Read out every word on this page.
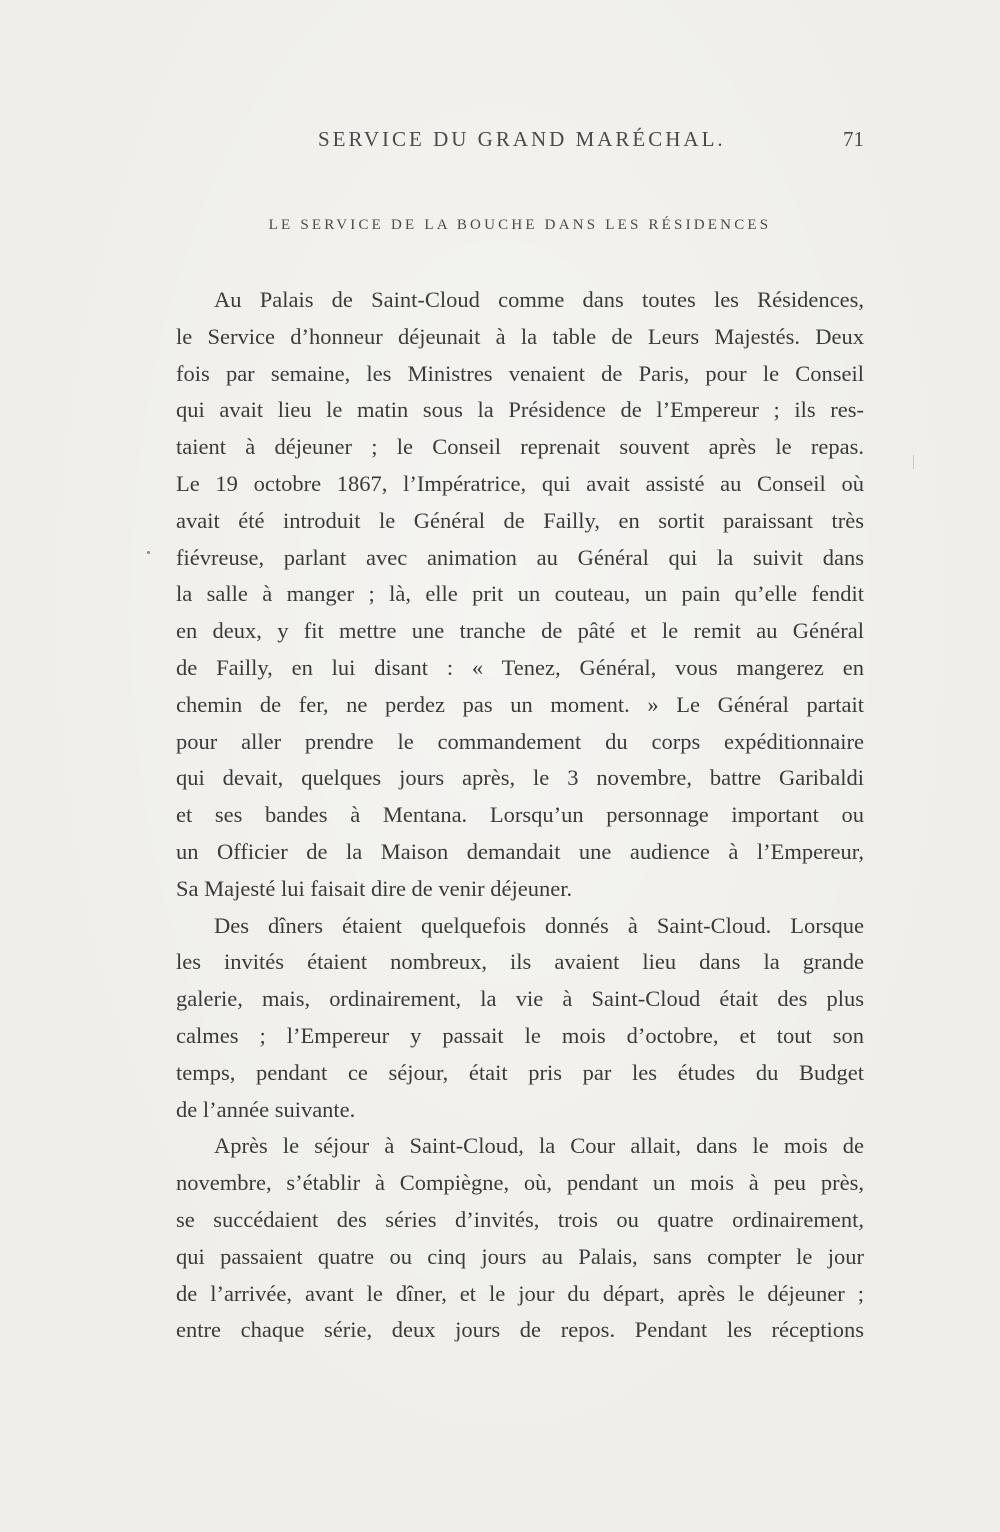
SERVICE DU GRAND MARÉCHAL.	71
LE SERVICE DE LA BOUCHE DANS LES RÉSIDENCES
Au Palais de Saint-Cloud comme dans toutes les Résidences,
le Service d’honneur déjeunait à la table de Leurs Majestés. Deux
fois par semaine, les Ministres venaient de Paris, pour le Conseil
qui avait lieu le matin sous la Présidence de l’Empereur ; ils res-
taient à déjeuner ; le Conseil reprenait souvent après le repas.
Le 19 octobre 1867, l’Impératrice, qui avait assisté au Conseil où
avait été introduit le Général de Failly, en sortit paraissant très
fiévreuse, parlant avec animation au Général qui la suivit dans
la salle à manger ; là, elle prit un couteau, un pain qu’elle fendit
en deux, y fit mettre une tranche de pâté et le remit au Général
de Failly, en lui disant : « Tenez, Général, vous mangerez en
chemin de fer, ne perdez pas un moment. » Le Général partait
pour aller prendre le commandement du corps expéditionnaire
qui devait, quelques jours après, le 3 novembre, battre Garibaldi
et ses bandes à Mentana. Lorsqu’un personnage important ou
un Officier de la Maison demandait une audience à l’Empereur,
Sa Majesté lui faisait dire de venir déjeuner.
Des dîners étaient quelquefois donnés à Saint-Cloud. Lorsque
les invités étaient nombreux, ils avaient lieu dans la grande
galerie, mais, ordinairement, la vie à Saint-Cloud était des plus
calmes ; l’Empereur y passait le mois d’octobre, et tout son
temps, pendant ce séjour, était pris par les études du Budget
de l’année suivante.
Après le séjour à Saint-Cloud, la Cour allait, dans le mois de
novembre, s’établir à Compiègne, où, pendant un mois à peu près,
se succédaient des séries d’invités, trois ou quatre ordinairement,
qui passaient quatre ou cinq jours au Palais, sans compter le jour
de l’arrivée, avant le dîner, et le jour du départ, après le déjeuner ;
entre chaque série, deux jours de repos. Pendant les réceptions
